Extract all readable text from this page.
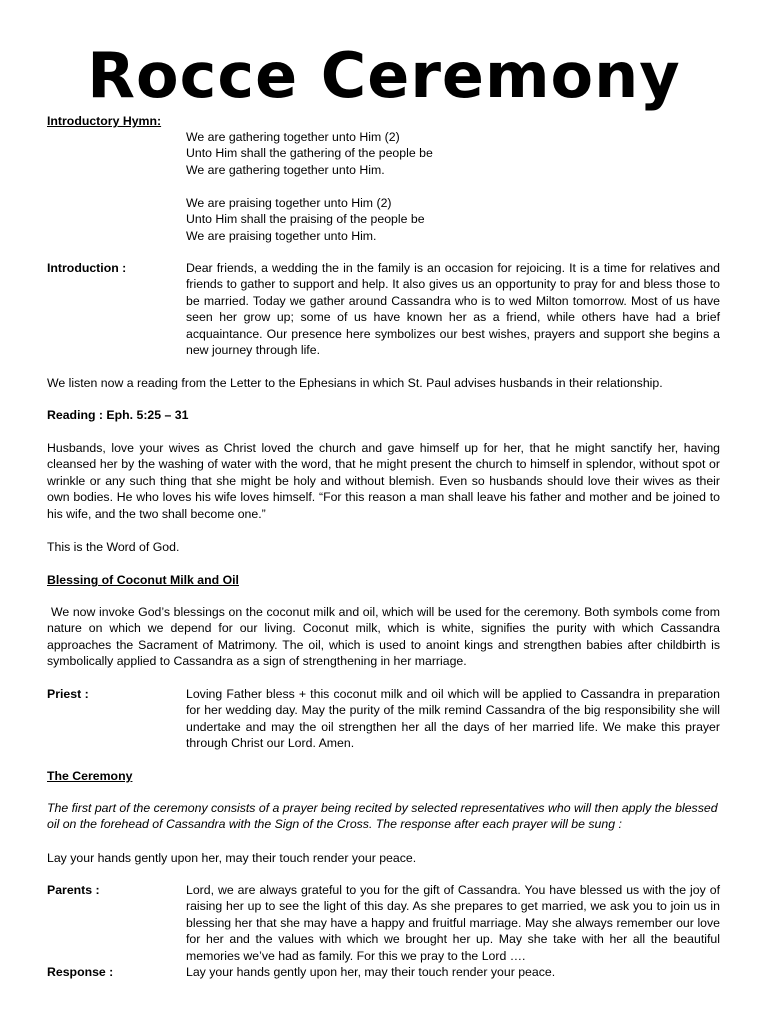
Rocce Ceremony

Introductory Hymn:

We are gathering together unto Him (2)
Unto Him shall the gathering of the people be
We are gathering together unto Him.
We are praising together unto Him (2)
Unto Him shall the praising of the people be
We are praising together unto Him.

Introduction :	Dear friends, a wedding the in the family is an occasion for rejoicing. It is a time for relatives and friends to gather to support and help. It also gives us an opportunity to pray for and bless those to be married. Today we gather around Cassandra who is to wed Milton tomorrow. Most of us have seen her grow up; some of us have known her as a friend, while others have had a brief acquaintance. Our presence here symbolizes our best wishes, prayers and support she begins a new journey through life.

We listen now a reading from the Letter to the Ephesians in which St. Paul advises husbands in their relationship.

Reading : Eph. 5:25 – 31

Husbands, love your wives as Christ loved the church and gave himself up for her, that he might sanctify her, having cleansed her by the washing of water with the word, that he might present the church to himself in splendor, without spot or wrinkle or any such thing that she might be holy and without blemish. Even so husbands should love their wives as their own bodies. He who loves his wife loves himself. “For this reason a man shall leave his father and mother and be joined to his wife, and the two shall become one.”

This is the Word of God.

Blessing of Coconut Milk and Oil

We now invoke God’s blessings on the coconut milk and oil, which will be used for the ceremony. Both symbols come from nature on which we depend for our living. Coconut milk, which is white, signifies the purity with which Cassandra approaches the Sacrament of Matrimony. The oil, which is used to anoint kings and strengthen babies after childbirth is symbolically applied to Cassandra as a sign of strengthening in her marriage.

Priest :	Loving Father bless + this coconut milk and oil which will be applied to Cassandra in preparation for her wedding day. May the purity of the milk remind Cassandra of the big responsibility she will undertake and may the oil strengthen her all the days of her married life. We make this prayer through Christ our Lord. Amen.

The Ceremony

The first part of the ceremony consists of a prayer being recited by selected representatives who will then apply the blessed oil on the forehead of Cassandra with the Sign of the Cross. The response after each prayer will be sung :

Lay your hands gently upon her, may their touch render your peace.

Parents :	Lord, we are always grateful to you for the gift of Cassandra. You have blessed us with the joy of raising her up to see the light of this day. As she prepares to get married, we ask you to join us in blessing her that she may have a happy and fruitful marriage. May she always remember our love for her and the values with which we brought her up. May she take with her all the beautiful memories we’ve had as family. For this we pray to the Lord ….

Response :	Lay your hands gently upon her, may their touch render your peace.
